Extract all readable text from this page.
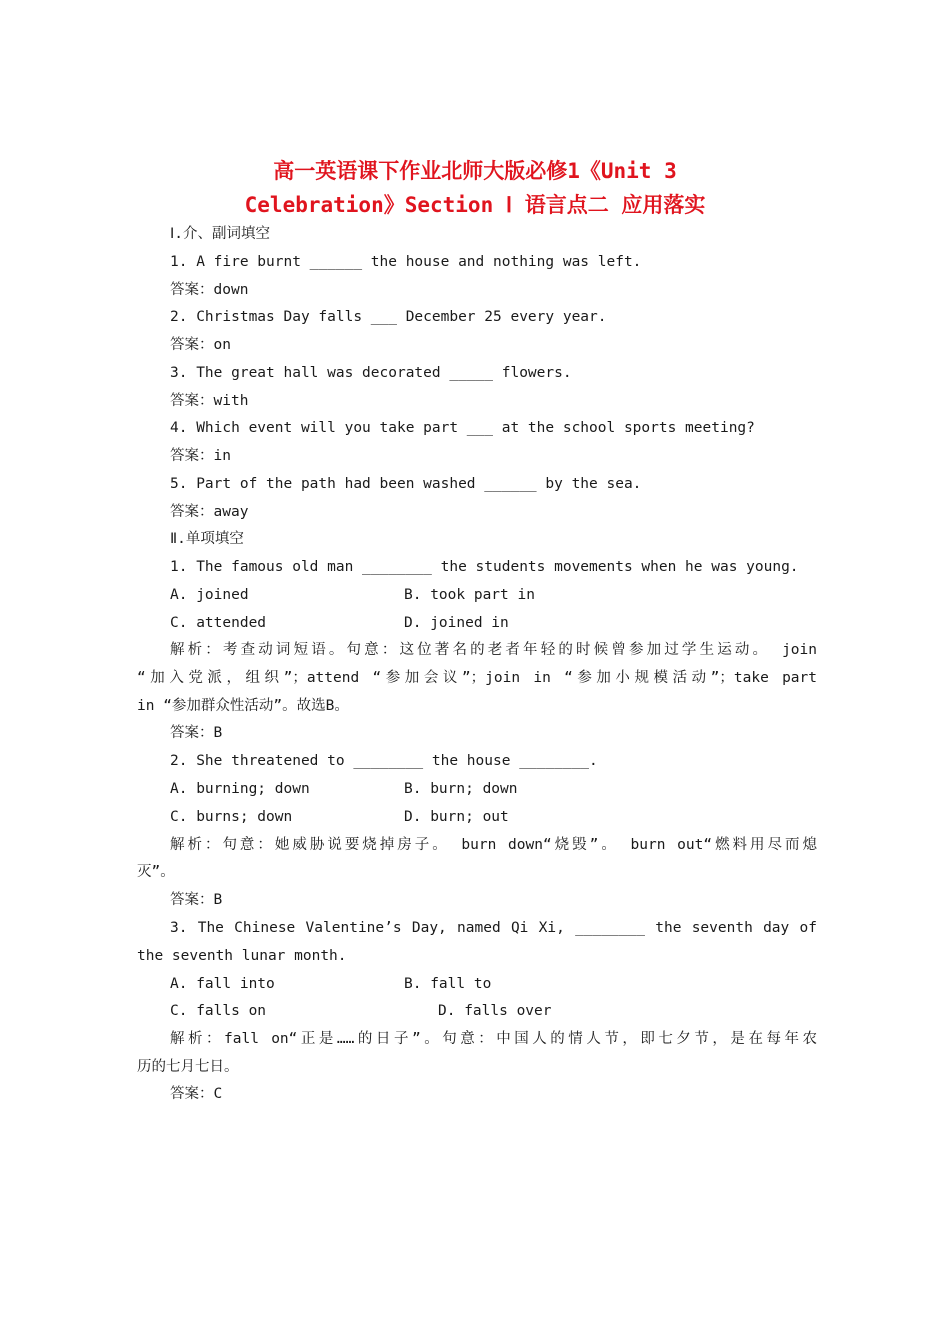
高一英语课下作业北师大版必修1《Unit 3
Celebration》Section Ⅰ 语言点二 应用落实
Ⅰ.介、副词填空
1. A fire burnt ______ the house and nothing was left.
答案：down
2. Christmas Day falls ___ December 25 every year.
答案：on
3. The great hall was decorated _____ flowers.
答案：with
4. Which event will you take part ___ at the school sports meeting?
答案：in
5. Part of the path had been washed ______ by the sea.
答案：away
Ⅱ.单项填空
1. The famous old man ________ the students movements when he was young.
A. joined	B. took part in
C. attended	D. joined in
解析：考查动词短语。句意：这位著名的老者年轻的时候曾参加过学生运动。 join
“加入党派，组织”；attend “参加会议”；join in “参加小规模活动”；take part
in “参加群众性活动”。故选B。
答案：B
2. She threatened to ________ the house ________.
A. burning; down	B. burn; down
C. burns; down	D. burn; out
解析：句意：她威胁说要烧掉房子。 burn down“烧毁”。 burn out“燃料用尽而熄
灭”。
答案：B
3. The Chinese Valentine’s Day, named Qi Xi, ________ the seventh day of
the seventh lunar month.
A. fall into	B. fall to
C. falls on	D. falls over
解析：fall on“正是……的日子”。句意：中国人的情人节，即七夕节，是在每年农
历的七月七日。
答案：C
